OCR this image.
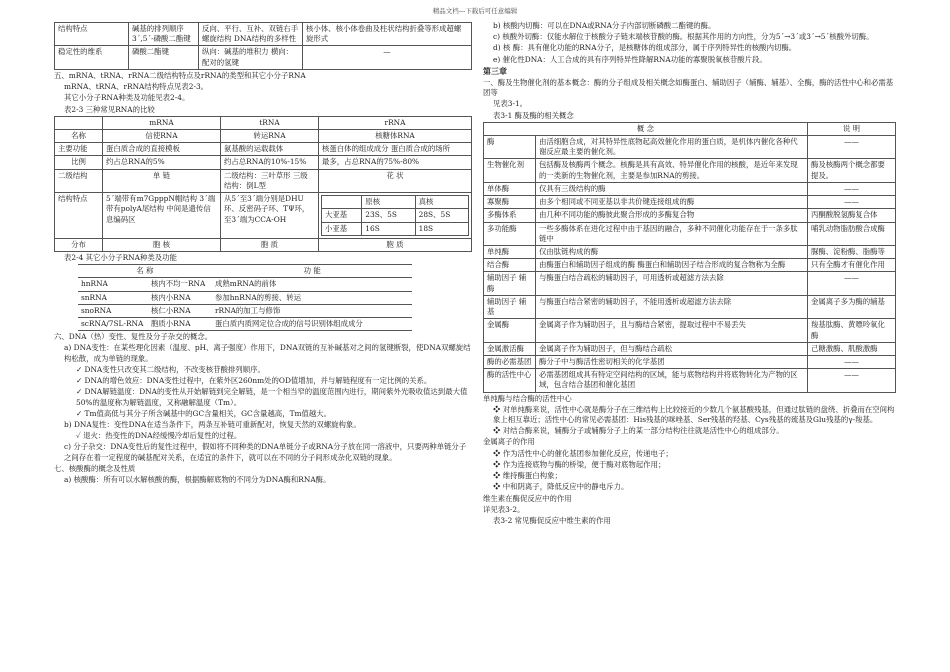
精品文档---下载后可任意编辑
结构特点	碱基的排列顺序 3ˊ,5ˊ-磷酸二酯键	反向、平行、互补、双链右手螺旋结构 DNA结构的多样性	核小体、核小体卷曲及柱状结构折叠等形成超螺旋形式
稳定性的维系	磷酸二酯键	纵向：碱基的堆积力 横向：配对的氢键	—
五、mRNA、tRNA、rRNA二级结构特点及rRNA的类型和其它小分子RNA
mRNA、tRNA、rRNA结构特点见表2-3。
其它小分子RNA种类及功能见表2-4。
表2-3 三种常见RNA的比较
	mRNA	tRNA	rRNA
名称	信使RNA	转运RNA	核糖体RNA
主要功能	蛋白质合成的直接模板	氨基酸的运载载体	核蛋白体的组成成分 蛋白质合成的场所
比例	约占总RNA的5%	约占总RNA的10%-15%	最多，占总RNA的75%-80%
二级结构	单 链	二级结构：三叶草形 三级结构：倒L型	花 状
结构特点	5ˊ端带有m7GpppN帽结构 3ˊ端带有polyA尾结构 中间是遗传信息编码区	从5ˊ至3ˊ端分别是DHU环、反密码子环、TΨ环，至3ˊ端为CCA-OH	
	原核	真核
大亚基	23S、5S	28S、5S
小亚基	16S	18S

分布	胞 核	胞 质	胞 质
表2-4 其它小分子RNA种类及功能
名 称		功 能
hnRNA	核内不均一RNA	成熟mRNA的前体
snRNA	核内小RNA	参加hnRNA的剪接、转运
snoRNA	核仁小RNA	rRNA的加工与修饰
scRNA/7SL-RNA	胞质小RNA	蛋白质内质网定位合成的信号识别体组成成分
六、DNA（热）变性、复性及分子杂交的概念。
a) DNA变性：在某些理化因素（温度、pH、离子强度）作用下，DNA双链的互补碱基对之间的氢键断裂，使DNA双螺旋结构松散，成为单链的现象。
✓ DNA变性只改变其二级结构，不改变核苷酸排列顺序。
✓ DNA的增色效应：DNA变性过程中，在紫外区260nm处的OD值增加，并与解链程度有一定比例的关系。
✓ DNA解链温度：DNA的变性从开始解链到完全解链，是一个相当窄的温度范围内进行，期间紫外光吸收值达到最大值50%的温度称为解链温度，又称融解温度（Tm）。
✓ Tm值高低与其分子所含碱基中的GC含量相关，GC含量越高，Tm值越大。
b) DNA复性：变性DNA在适当条件下，两条互补链可重新配对，恢复天然的双螺旋构象。
✓ 退火：热变性的DNA经缓慢冷却后复性的过程。
c) 分子杂交：DNA变性后的复性过程中，假如将不同种类的DNA单链分子或RNA分子放在同一溶液中，只要两种单链分子之间存在着一定程度的碱基配对关系，在适宜的条件下，就可以在不同的分子间形成杂化双链的现象。
七、核酸酶的概念及性质
a) 核酸酶：所有可以水解核酸的酶，根据酶解底物的不同分为DNA酶和RNA酶。
b) 核酸内切酶：可以在DNA或RNA分子内部切断磷酸二酯键的酶。
c) 核酸外切酶：仅能水解位于核酸分子链末端核苷酸的酶。根据其作用的方向性，分为5ˊ→3ˊ或3ˊ→5ˊ核酸外切酶。
d) 核 酶：具有催化功能的RNA分子，是核糖体的组成部分，属于序列特异性的核酸内切酶。
e) 催化性DNA：人工合成的具有序列特异性降解RNA功能的寡聚脱氧核苷酸片段。
第三章
一、酶及生物催化剂的基本概念：酶的分子组成及相关概念如酶蛋白、辅助因子（辅酶、辅基）、全酶，酶的活性中心和必需基团等
见表3-1。
表3-1 酶及酶的相关概念
概 念		说 明
酶	由活细胞合成，对其特异性底物起高效催化作用的蛋白质，是机体内催化各种代谢反应最主要的催化剂。	——
生物催化剂	包括酶及核酶两个概念。核酶是具有高效、特异催化作用的核酸，是近年来发现的一类新的生物催化剂，主要是参加RNA的剪接。	酶及核酶两个概念都要提及。
单体酶	仅具有三级结构的酶	——
寡聚酶	由多个相同或不同亚基以非共价键连接组成的酶	——
多酶体系	由几种不同功能的酶彼此聚合形成的多酶复合物	丙酮酸脱氢酶复合体
多功能酶	一些多酶体系在进化过程中由于基因的融合，多种不同催化功能存在于一条多肽链中	哺乳动物脂肪酸合成酶
单纯酶	仅由肽链构成的酶	脲酶、淀粉酶、脂酶等
结合酶	由酶蛋白和辅助因子组成的酶 酶蛋白和辅助因子结合形成的复合物称为全酶	只有全酶才有催化作用
辅助因子 辅酶	与酶蛋白结合疏松的辅助因子，可用透析或超滤方法去除	——
辅助因子 辅基	与酶蛋白结合紧密的辅助因子，不能用透析或超滤方法去除	金属离子多为酶的辅基
金属酶	金属离子作为辅助因子，且与酶结合紧密，提取过程中不易丢失	羧基肽酶、黄嘌呤氧化酶
金属激活酶	金属离子作为辅助因子，但与酶结合疏松	己糖激酶、肌酸激酶
酶的必需基团	酶分子中与酶活性密切相关的化学基团	——
酶的活性中心	必需基团组成具有特定空间结构的区域，能与底物结构并将底物转化为产物的区域，包含结合基团和催化基团	——
单纯酶与结合酶的活性中心
❖ 对单纯酶来说，活性中心就是酶分子在三维结构上比较接近的少数几个氨基酸残基，但通过肽链的盘绕、折叠而在空间构象上相互靠近；活性中心的常见必需基团：His残基的咪唑基、Ser残基的羟基、Cys残基的巯基及Glu残基的γ-羧基。
❖ 对结合酶来说，辅酶分子或辅酶分子上的某一部分结构往往就是活性中心的组成部分。
金属离子的作用
❖ 作为活性中心的催化基团参加催化反应，传递电子；
❖ 作为连接底物与酶的桥梁，便于酶对底物起作用；
❖ 维持酶蛋白构象；
❖ 中和阴离子，降低反应中的静电斥力。
维生素在酶促反应中的作用
详见表3-2。
表3-2 常见酶促反应中维生素的作用
